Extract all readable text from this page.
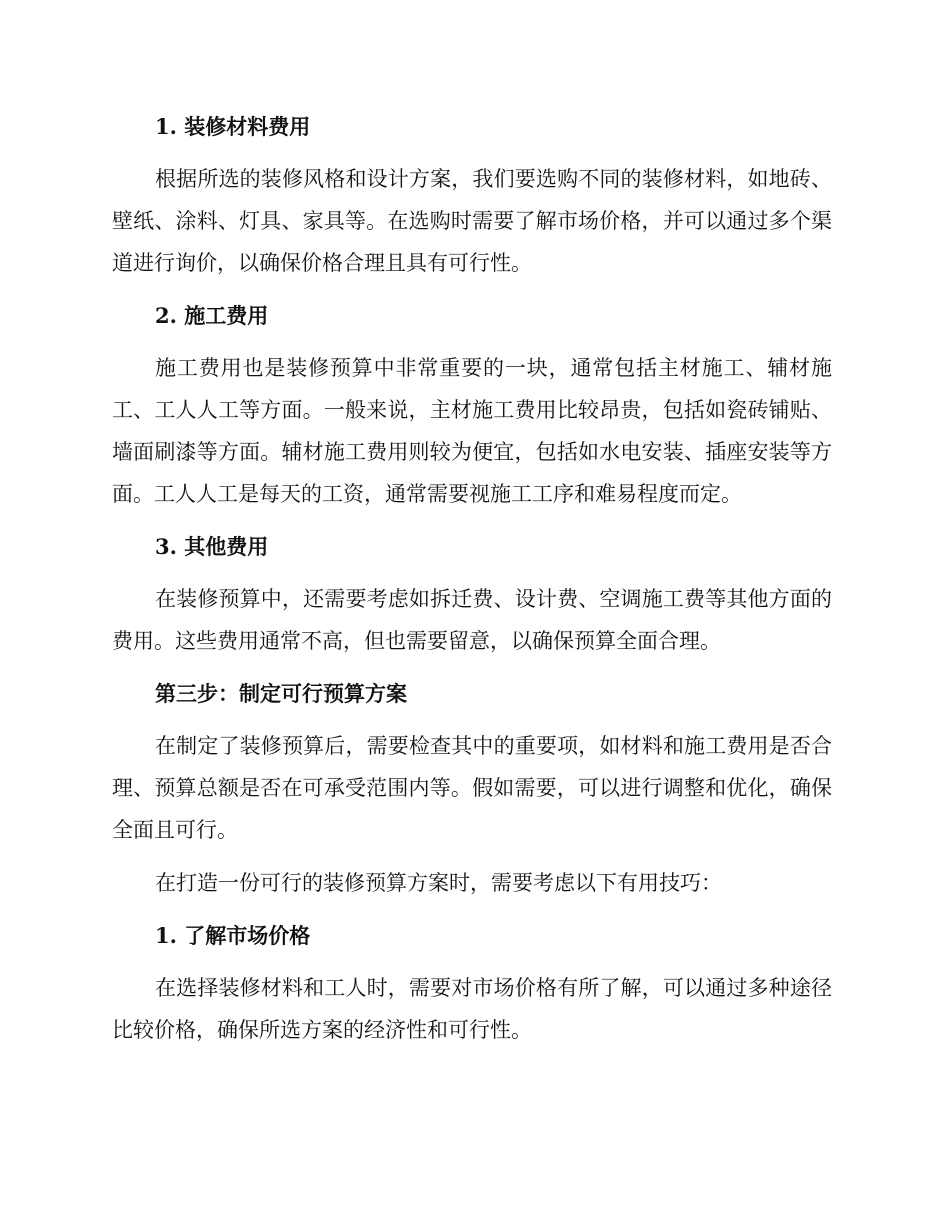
1. 装修材料费用

根据所选的装修风格和设计方案，我们要选购不同的装修材料，如地砖、壁纸、涂料、灯具、家具等。在选购时需要了解市场价格，并可以通过多个渠道进行询价，以确保价格合理且具有可行性。

2. 施工费用

施工费用也是装修预算中非常重要的一块，通常包括主材施工、辅材施工、工人人工等方面。一般来说，主材施工费用比较昂贵，包括如瓷砖铺贴、墙面刷漆等方面。辅材施工费用则较为便宜，包括如水电安装、插座安装等方面。工人人工是每天的工资，通常需要视施工工序和难易程度而定。

3. 其他费用

在装修预算中，还需要考虑如拆迁费、设计费、空调施工费等其他方面的费用。这些费用通常不高，但也需要留意，以确保预算全面合理。

第三步：制定可行预算方案

在制定了装修预算后，需要检查其中的重要项，如材料和施工费用是否合理、预算总额是否在可承受范围内等。假如需要，可以进行调整和优化，确保全面且可行。

在打造一份可行的装修预算方案时，需要考虑以下有用技巧：

1. 了解市场价格

在选择装修材料和工人时，需要对市场价格有所了解，可以通过多种途径比较价格，确保所选方案的经济性和可行性。
